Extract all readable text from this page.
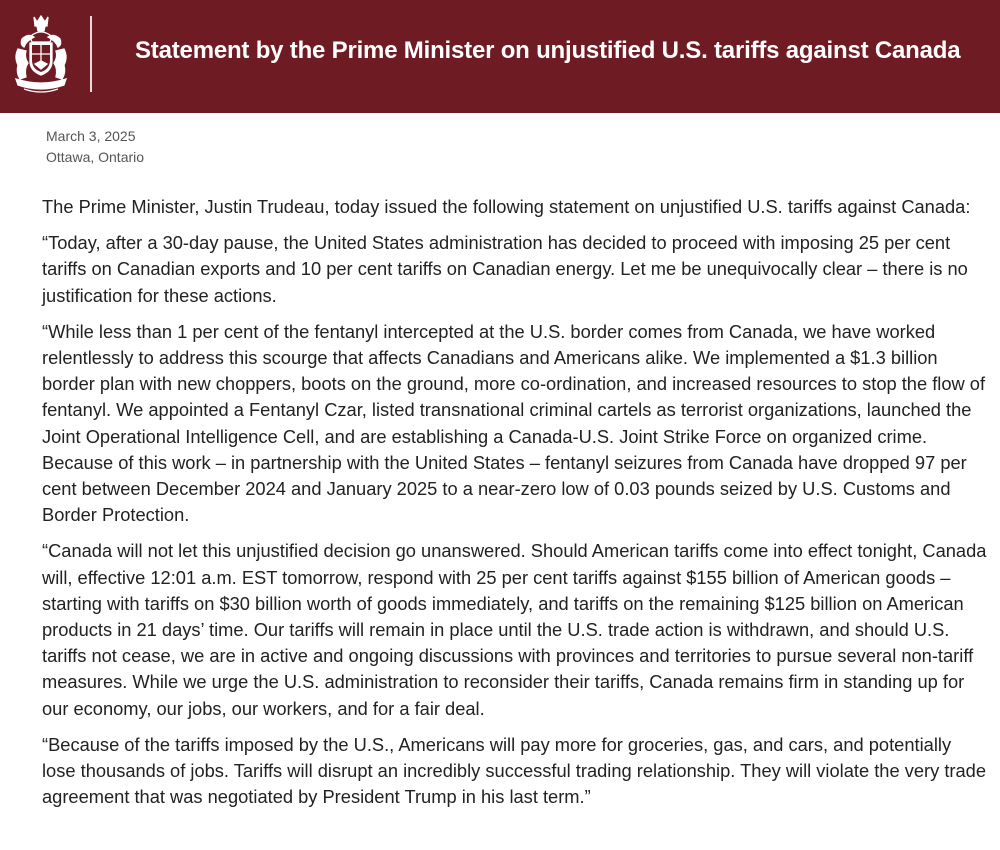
Statement by the Prime Minister on unjustified U.S. tariffs against Canada
March 3, 2025
Ottawa, Ontario

The Prime Minister, Justin Trudeau, today issued the following statement on unjustified U.S. tariffs against Canada:

“Today, after a 30-day pause, the United States administration has decided to proceed with imposing 25 per cent tariffs on Canadian exports and 10 per cent tariffs on Canadian energy. Let me be unequivocally clear – there is no justification for these actions.

“While less than 1 per cent of the fentanyl intercepted at the U.S. border comes from Canada, we have worked relentlessly to address this scourge that affects Canadians and Americans alike. We implemented a $1.3 billion border plan with new choppers, boots on the ground, more co-ordination, and increased resources to stop the flow of fentanyl. We appointed a Fentanyl Czar, listed transnational criminal cartels as terrorist organizations, launched the Joint Operational Intelligence Cell, and are establishing a Canada-U.S. Joint Strike Force on organized crime. Because of this work – in partnership with the United States – fentanyl seizures from Canada have dropped 97 per cent between December 2024 and January 2025 to a near-zero low of 0.03 pounds seized by U.S. Customs and Border Protection.

“Canada will not let this unjustified decision go unanswered. Should American tariffs come into effect tonight, Canada will, effective 12:01 a.m. EST tomorrow, respond with 25 per cent tariffs against $155 billion of American goods – starting with tariffs on $30 billion worth of goods immediately, and tariffs on the remaining $125 billion on American products in 21 days’ time. Our tariffs will remain in place until the U.S. trade action is withdrawn, and should U.S. tariffs not cease, we are in active and ongoing discussions with provinces and territories to pursue several non-tariff measures. While we urge the U.S. administration to reconsider their tariffs, Canada remains firm in standing up for our economy, our jobs, our workers, and for a fair deal.

“Because of the tariffs imposed by the U.S., Americans will pay more for groceries, gas, and cars, and potentially lose thousands of jobs. Tariffs will disrupt an incredibly successful trading relationship. They will violate the very trade agreement that was negotiated by President Trump in his last term.”
